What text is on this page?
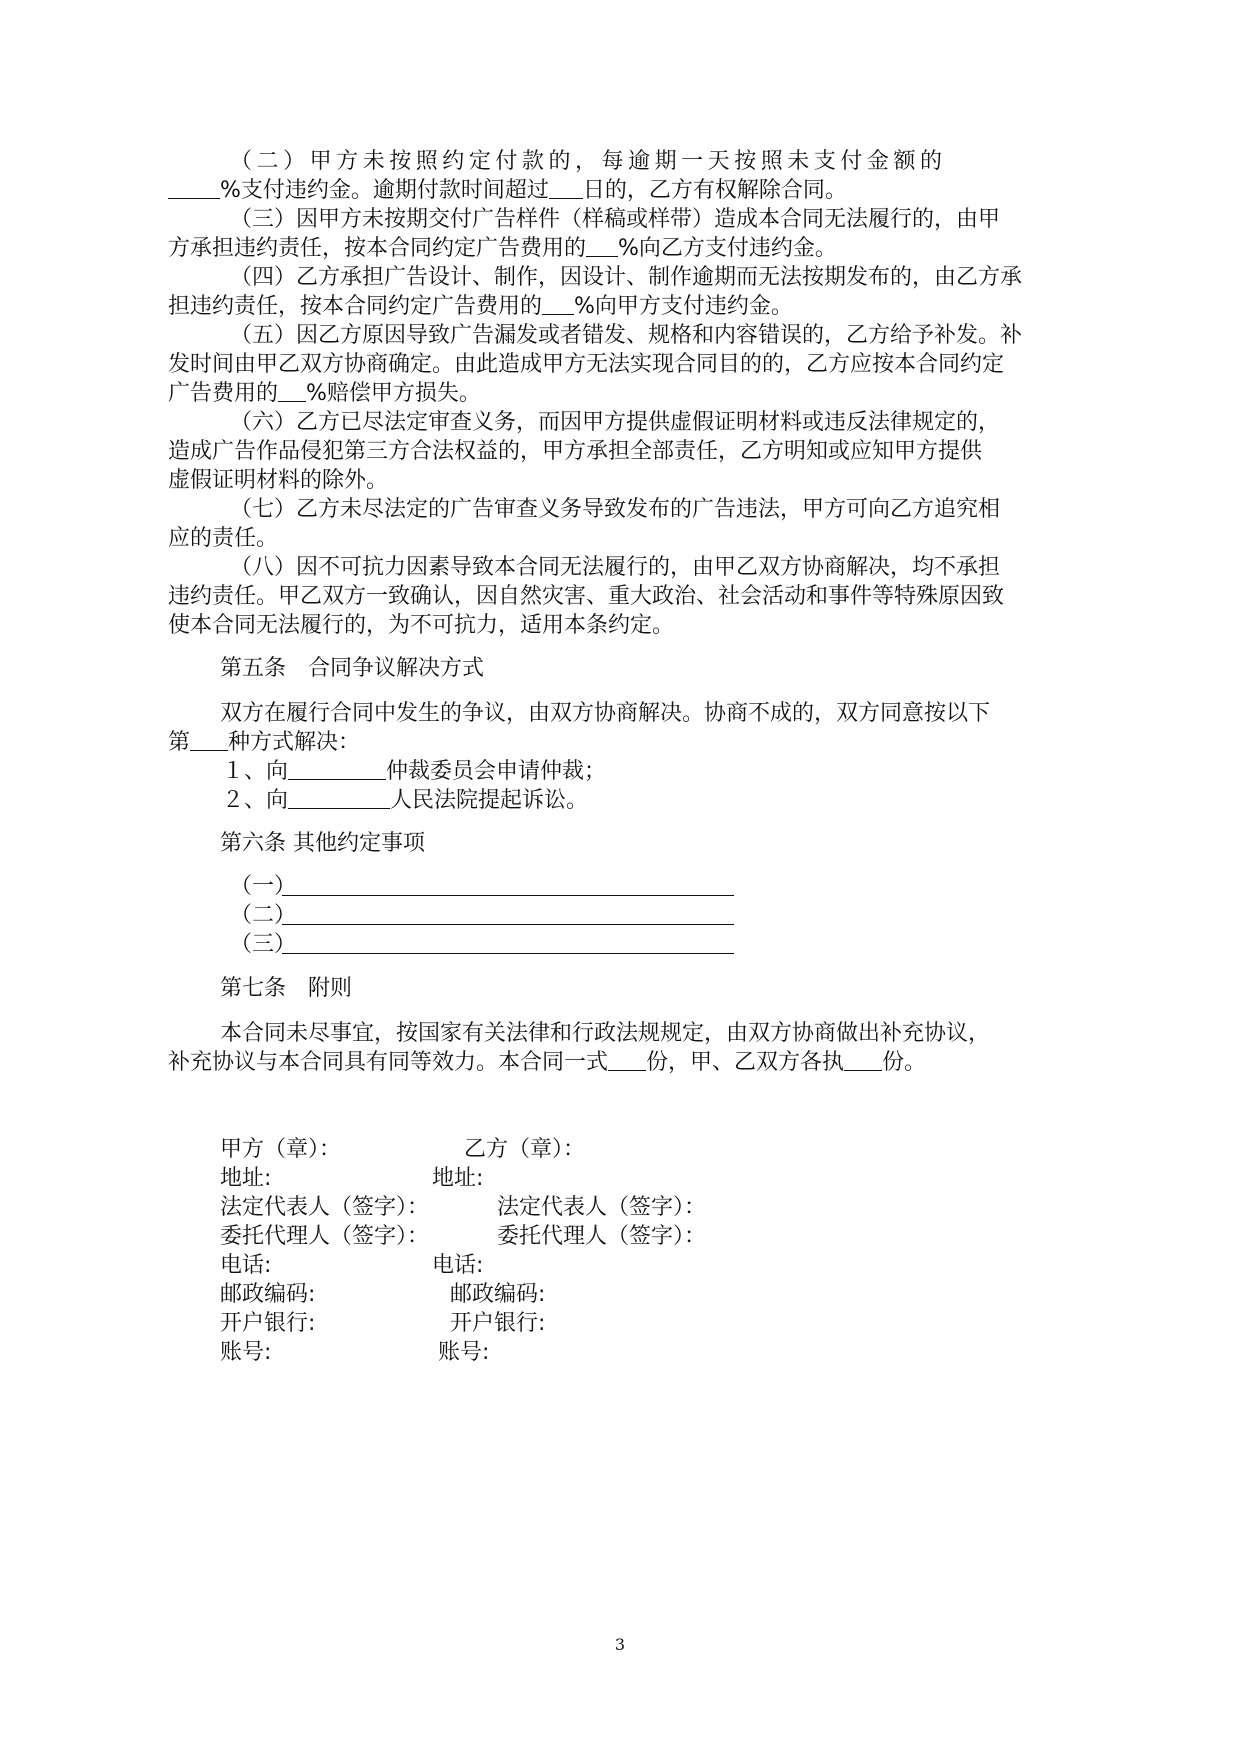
（二）甲方未按照约定付款的，每逾期一天按照未支付金额的
%支付违约金。逾期付款时间超过 日的，乙方有权解除合同。
（三）因甲方未按期交付广告样件（样稿或样带）造成本合同无法履行的，由甲
方承担违约责任，按本合同约定广告费用的 %向乙方支付违约金。
（四）乙方承担广告设计、制作，因设计、制作逾期而无法按期发布的，由乙方承
担违约责任，按本合同约定广告费用的 %向甲方支付违约金。
（五）因乙方原因导致广告漏发或者错发、规格和内容错误的，乙方给予补发。补
发时间由甲乙双方协商确定。由此造成甲方无法实现合同目的的，乙方应按本合同约定
广告费用的 %赔偿甲方损失。
（六）乙方已尽法定审查义务，而因甲方提供虚假证明材料或违反法律规定的，
造成广告作品侵犯第三方合法权益的，甲方承担全部责任，乙方明知或应知甲方提供
虚假证明材料的除外。
（七）乙方未尽法定的广告审查义务导致发布的广告违法，甲方可向乙方追究相
应的责任。
（八）因不可抗力因素导致本合同无法履行的，由甲乙双方协商解决，均不承担
违约责任。甲乙双方一致确认，因自然灾害、重大政治、社会活动和事件等特殊原因致
使本合同无法履行的，为不可抗力，适用本条约定。
第五条　合同争议解决方式
双方在履行合同中发生的争议，由双方协商解决。协商不成的，双方同意按以下
第 种方式解决：
１、向	仲裁委员会申请仲裁；
２、向	人民法院提起诉讼。
第六条 其他约定事项
（一）
（二）
（三）
第七条　附则
本合同未尽事宜，按国家有关法律和行政法规规定，由双方协商做出补充协议，
补充协议与本合同具有同等效力。本合同一式 份，甲、乙双方各执 份。
甲方（章）：
地址:
法定代表人（签字）：
委托代理人（签字）：
电话:
邮政编码:
开户银行:
账号:
乙方（章）：
地址:
法定代表人（签字）：
委托代理人（签字）：
电话:
邮政编码:
开户银行:
账号:
3
